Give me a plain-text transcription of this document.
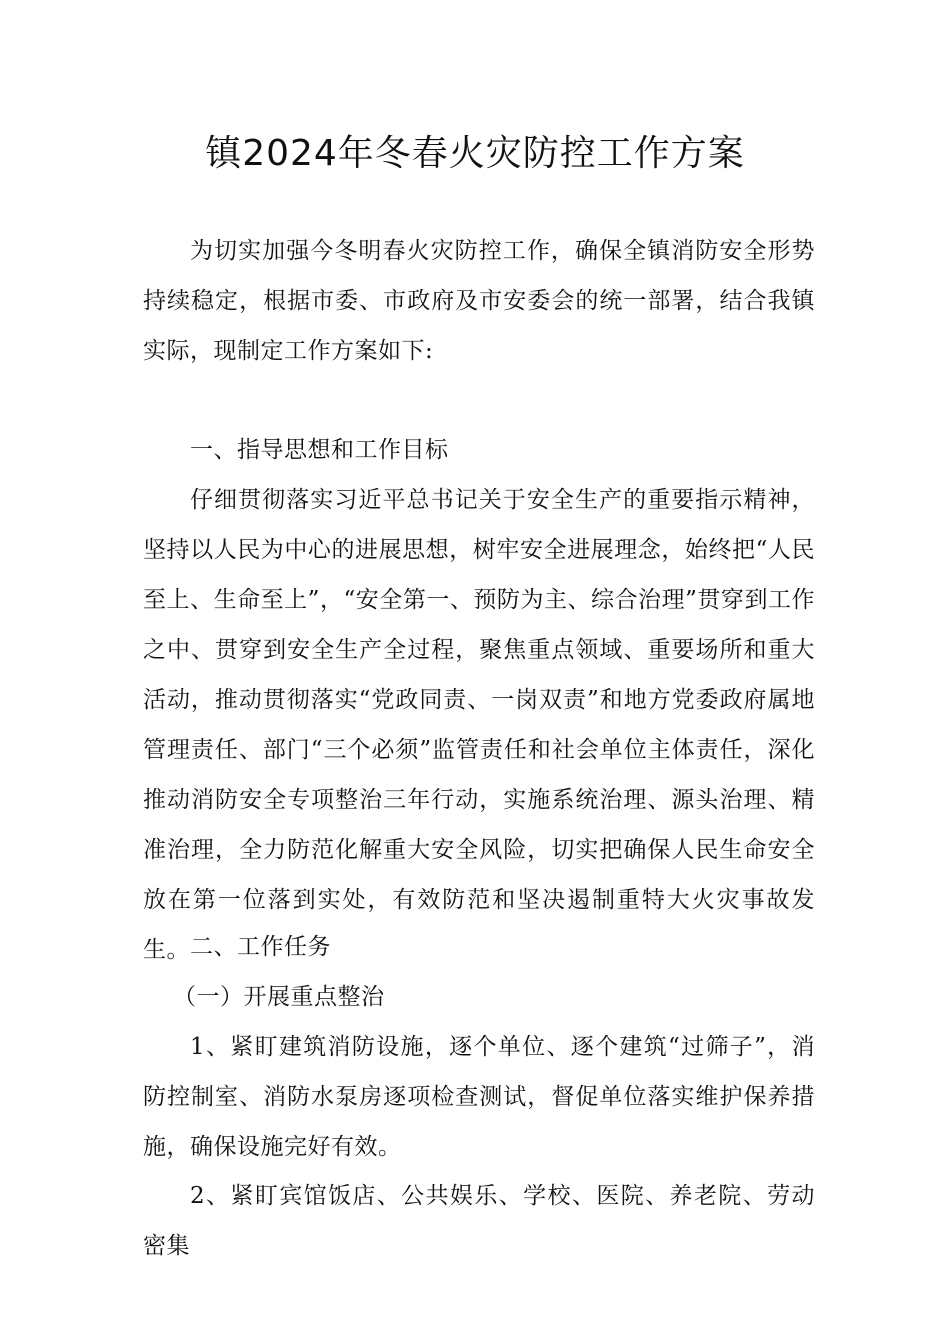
镇2024年冬春火灾防控工作方案

为切实加强今冬明春火灾防控工作，确保全镇消防安全形势持续稳定，根据市委、市政府及市安委会的统一部署，结合我镇实际，现制定工作方案如下:

一、指导思想和工作目标

仔细贯彻落实习近平总书记关于安全生产的重要指示精神，坚持以人民为中心的进展思想，树牢安全进展理念，始终把“人民至上、生命至上”，“安全第一、预防为主、综合治理”贯穿到工作之中、贯穿到安全生产全过程，聚焦重点领域、重要场所和重大活动，推动贯彻落实“党政同责、一岗双责”和地方党委政府属地管理责任、部门“三个必须”监管责任和社会单位主体责任，深化推动消防安全专项整治三年行动，实施系统治理、源头治理、精准治理，全力防范化解重大安全风险，切实把确保人民生命安全放在第一位落到实处，有效防范和坚决遏制重特大火灾事故发生。 二、工作任务

（一）开展重点整治

1、紧盯建筑消防设施，逐个单位、逐个建筑“过筛子”，消防控制室、消防水泵房逐项检查测试，督促单位落实维护保养措施，确保设施完好有效。

2、紧盯宾馆饭店、公共娱乐、学校、医院、养老院、劳动密集
